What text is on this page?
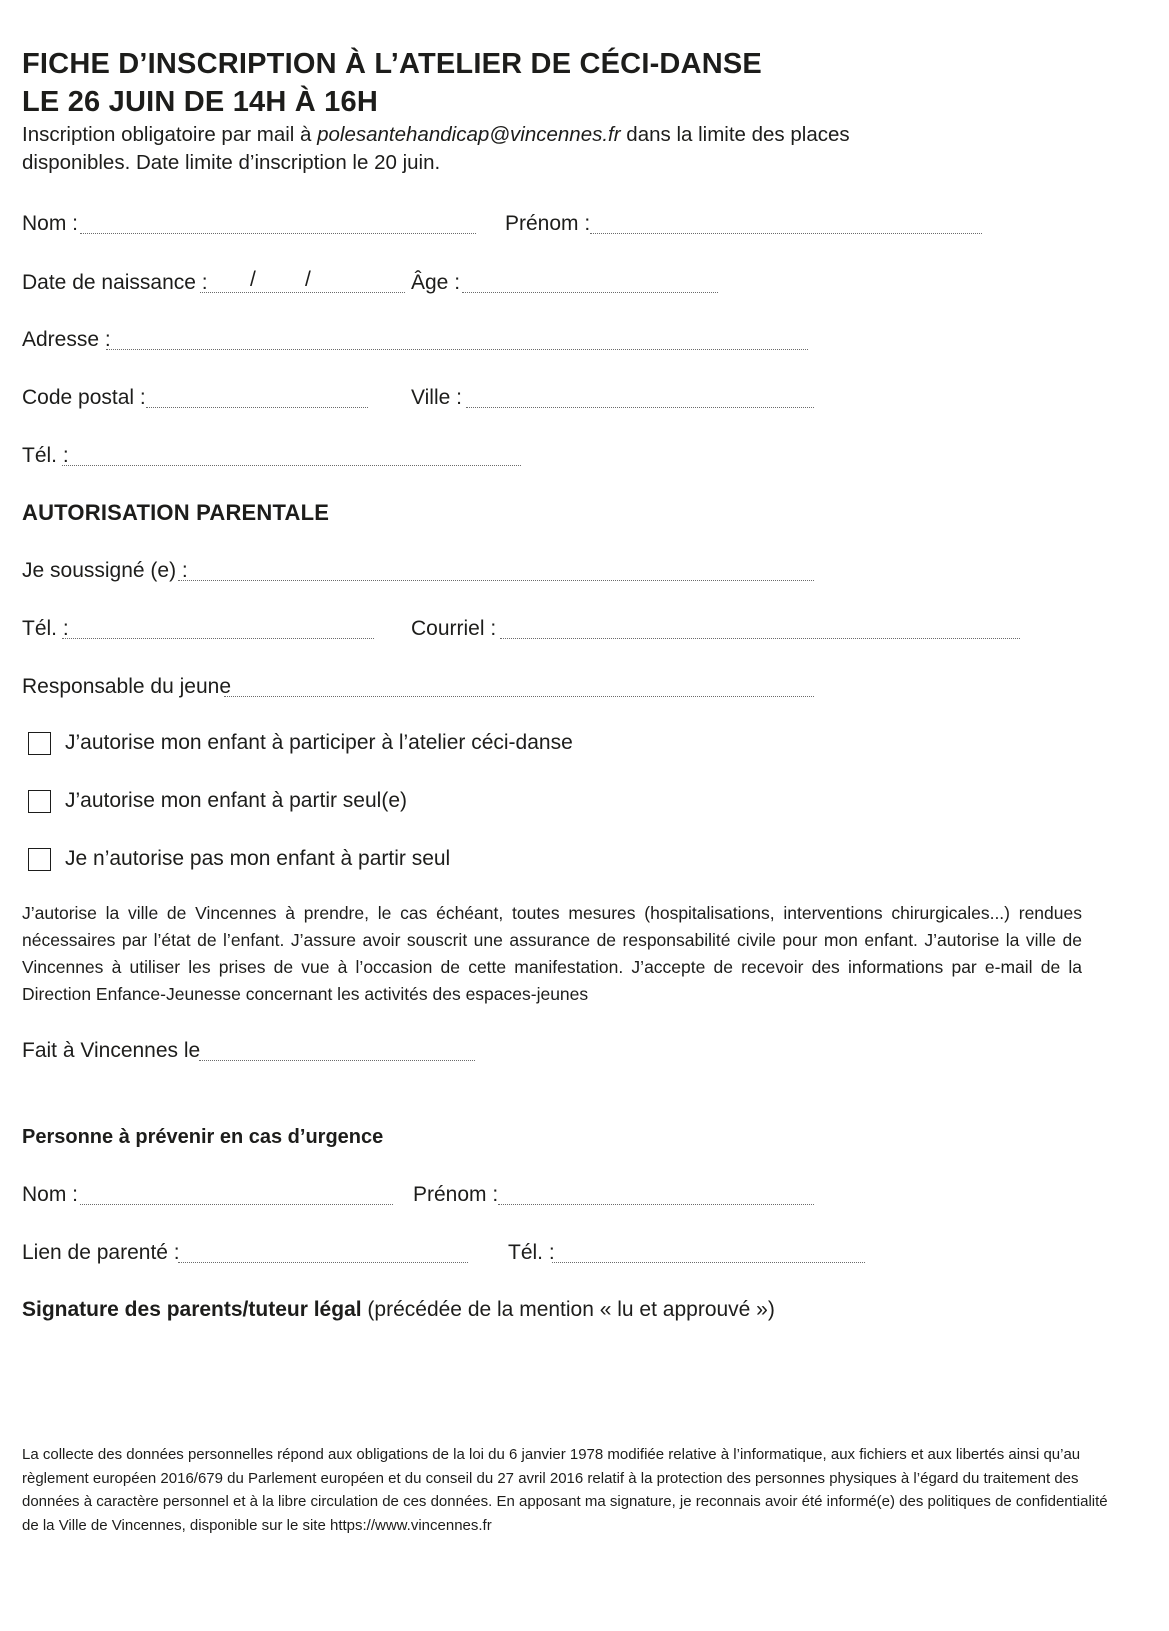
FICHE D’INSCRIPTION À L’ATELIER DE CÉCI-DANSE
LE 26 JUIN DE 14H À 16H
Inscription obligatoire par mail à polesantehandicap@vincennes.fr dans la limite des places
disponibles. Date limite d’inscription le 20 juin.
Nom :	Prénom :
Date de naissance : / /	Âge :
Adresse :
Code postal :	Ville :
Tél. :
AUTORISATION PARENTALE
Je soussigné (e) :
Tél. :	Courriel :
Responsable du jeune
J’autorise mon enfant à participer à l’atelier céci-danse
J’autorise mon enfant à partir seul(e)
Je n’autorise pas mon enfant à partir seul
J’autorise la ville de Vincennes à prendre, le cas échéant, toutes mesures (hospitalisations, interventions chirurgicales...) rendues nécessaires par l’état de l’enfant. J’assure avoir souscrit une assurance de responsabilité civile pour mon enfant. J’autorise la ville de Vincennes à utiliser les prises de vue à l’occasion de cette manifestation. J’accepte de recevoir des informations par e-mail de la Direction Enfance-Jeunesse concernant les activités des espaces-jeunes
Fait à Vincennes le
Personne à prévenir en cas d’urgence
Nom :	Prénom :
Lien de parenté :	Tél. :
Signature des parents/tuteur légal (précédée de la mention « lu et approuvé »)
La collecte des données personnelles répond aux obligations de la loi du 6 janvier 1978 modifiée relative à l’informatique, aux fichiers et aux libertés ainsi qu’au règlement européen 2016/679 du Parlement européen et du conseil du 27 avril 2016 relatif à la protection des personnes physiques à l’égard du traitement des données à caractère personnel et à la libre circulation de ces données. En apposant ma signature, je reconnais avoir été informé(e) des politiques de confidentialité de la Ville de Vincennes, disponible sur le site https://www.vincennes.fr
